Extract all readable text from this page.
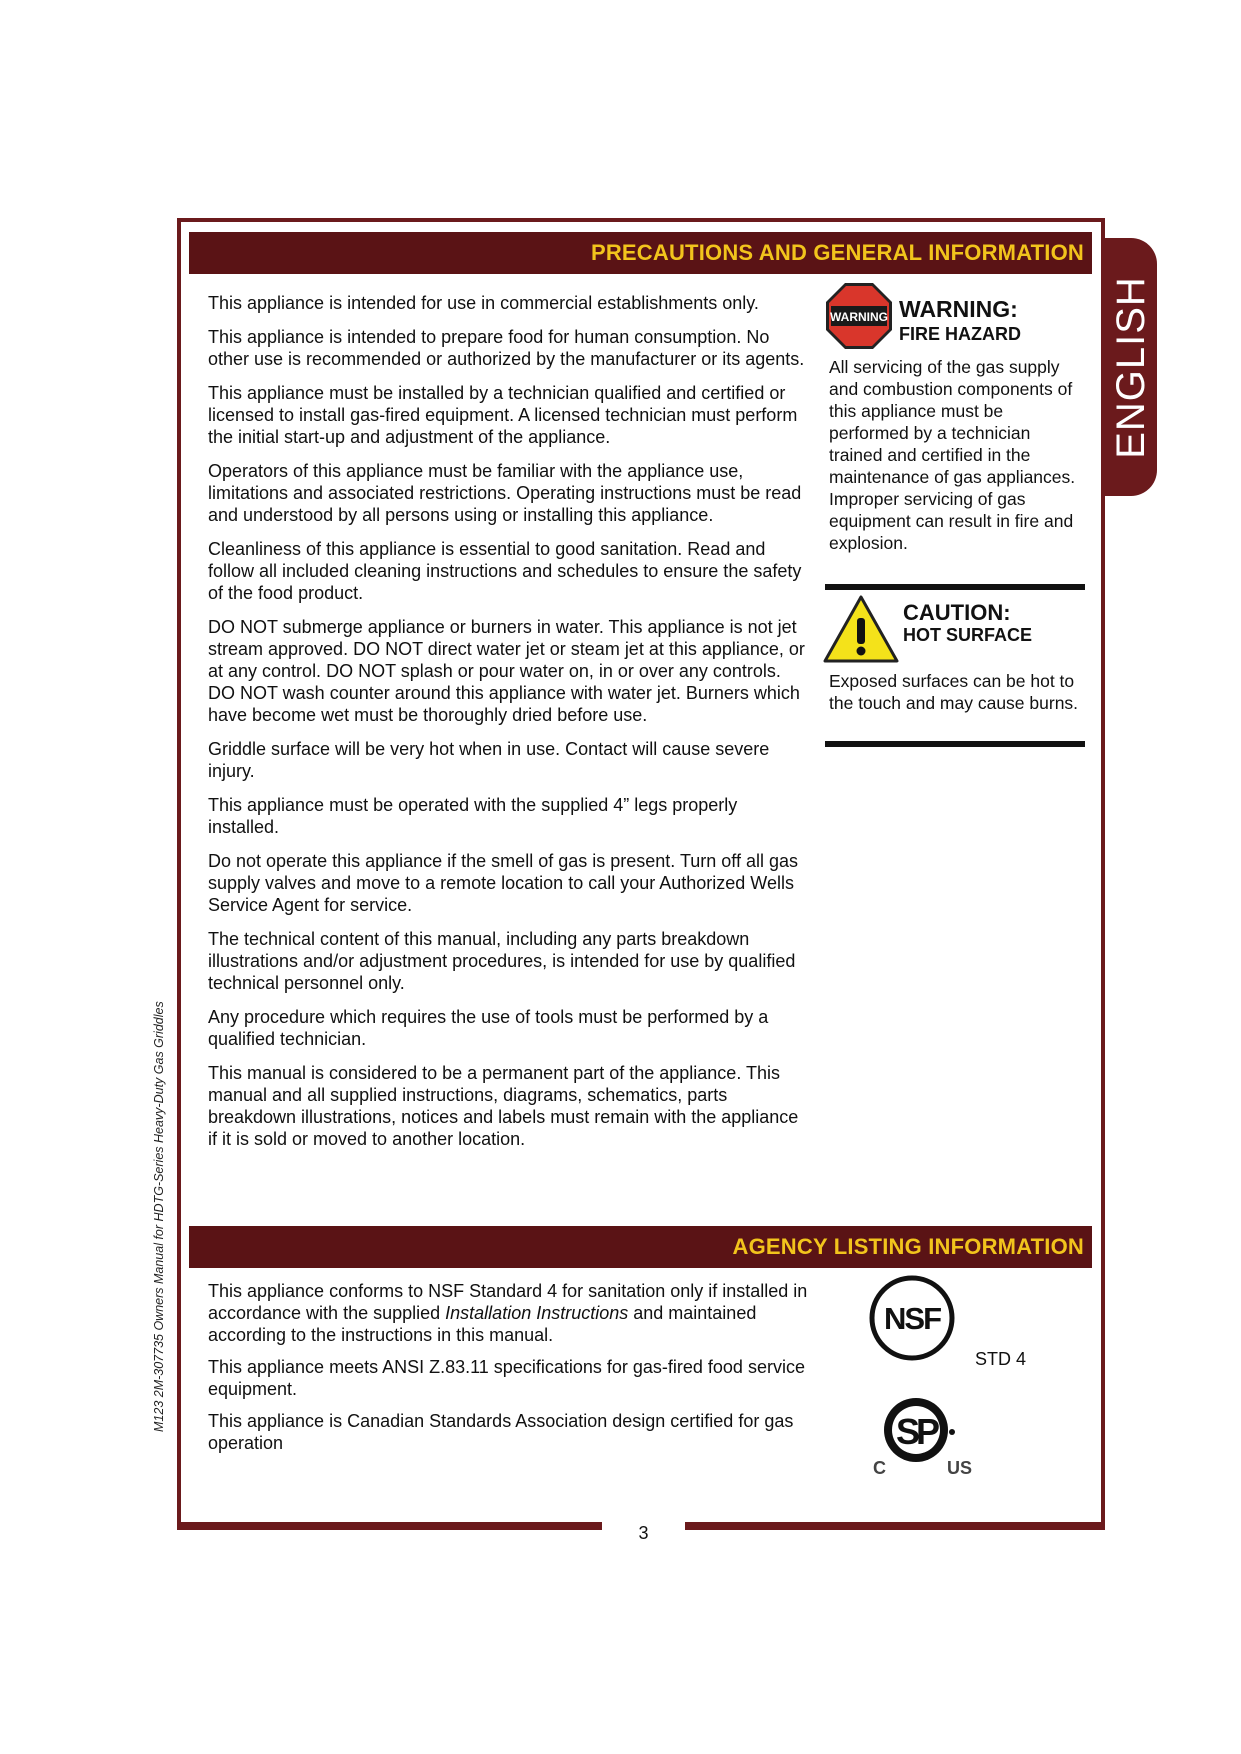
3
PRECAUTIONS AND GENERAL INFORMATION
AGENCY LISTING INFORMATION
ENGLISH
M123 2M-307735 Owners Manual for HDTG-Series Heavy-Duty Gas Griddles

This appliance is intended for use in commercial establishments only.

This appliance is intended to prepare food for human consumption. No other use is recommended or authorized by the manufacturer or its agents.

This appliance must be installed by a technician qualified and certified or licensed to install gas-fired equipment. A licensed technician must perform the initial start-up and adjustment of the appliance.

Operators of this appliance must be familiar with the appliance use, limitations and associated restrictions. Operating instructions must be read and understood by all persons using or installing this appliance.

Cleanliness of this appliance is essential to good sanitation. Read and follow all included cleaning instructions and schedules to ensure the safety of the food product.

DO NOT submerge appliance or burners in water. This appliance is not jet stream approved. DO NOT direct water jet or steam jet at this appliance, or at any control. DO NOT splash or pour water on, in or over any controls. DO NOT wash counter around this appliance with water jet. Burners which have become wet must be thoroughly dried before use.

Griddle surface will be very hot when in use. Contact will cause severe injury.

This appliance must be operated with the supplied 4” legs properly installed.

Do not operate this appliance if the smell of gas is present. Turn off all gas supply valves and move to a remote location to call your Authorized Wells Service Agent for service.

The technical content of this manual, including any parts breakdown illustrations and/or adjustment procedures, is intended for use by qualified technical personnel only.

Any procedure which requires the use of tools must be performed by a qualified technician.

This manual is considered to be a permanent part of the appliance. This manual and all supplied instructions, diagrams, schematics, parts breakdown illustrations, notices and labels must remain with the appliance if it is sold or moved to another location.

WARNING WARNING:
FIRE HAZARD
All servicing of the gas supply and combustion components of this appliance must be performed by a technician trained and certified in the maintenance of gas appliances. Improper servicing of gas equipment can result in fire and explosion.
CAUTION:
HOT SURFACE
Exposed surfaces can be hot to the touch and may cause burns.

This appliance conforms to NSF Standard 4 for sanitation only if installed in accordance with the supplied Installation Instructions and maintained according to the instructions in this manual.

This appliance meets ANSI Z.83.11 specifications for gas-fired food service equipment.

This appliance is Canadian Standards Association design certified for gas operation

NSF
STD 4
SP
C	US
